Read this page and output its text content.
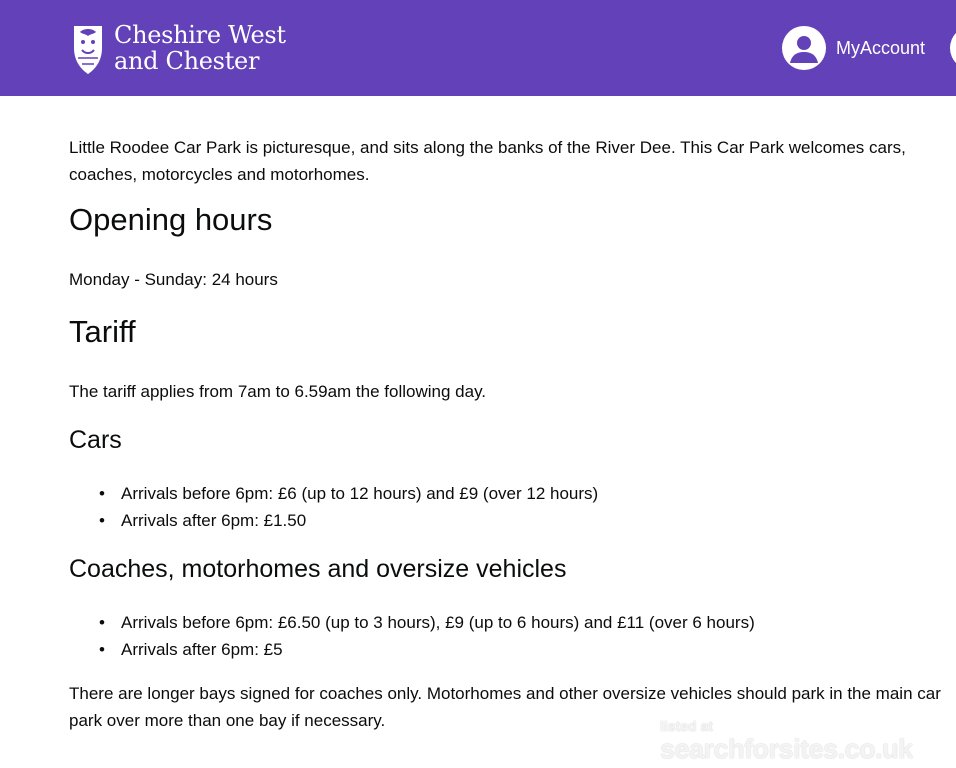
Cheshire West
and Chester	MyAccount

Little Roodee Car Park is picturesque, and sits along the banks of the River Dee. This Car Park welcomes cars, coaches, motorcycles and motorhomes.

Opening hours

Monday - Sunday: 24 hours

Tariff

The tariff applies from 7am to 6.59am the following day.

Cars
• Arrivals before 6pm: £6 (up to 12 hours) and £9 (over 12 hours)
• Arrivals after 6pm: £1.50
Coaches, motorhomes and oversize vehicles
• Arrivals before 6pm: £6.50 (up to 3 hours), £9 (up to 6 hours) and £11 (over 6 hours)
• Arrivals after 6pm: £5

There are longer bays signed for coaches only. Motorhomes and other oversize vehicles should park in the main car park over more than one bay if necessary.	listed at
searchforsites.co.uk
